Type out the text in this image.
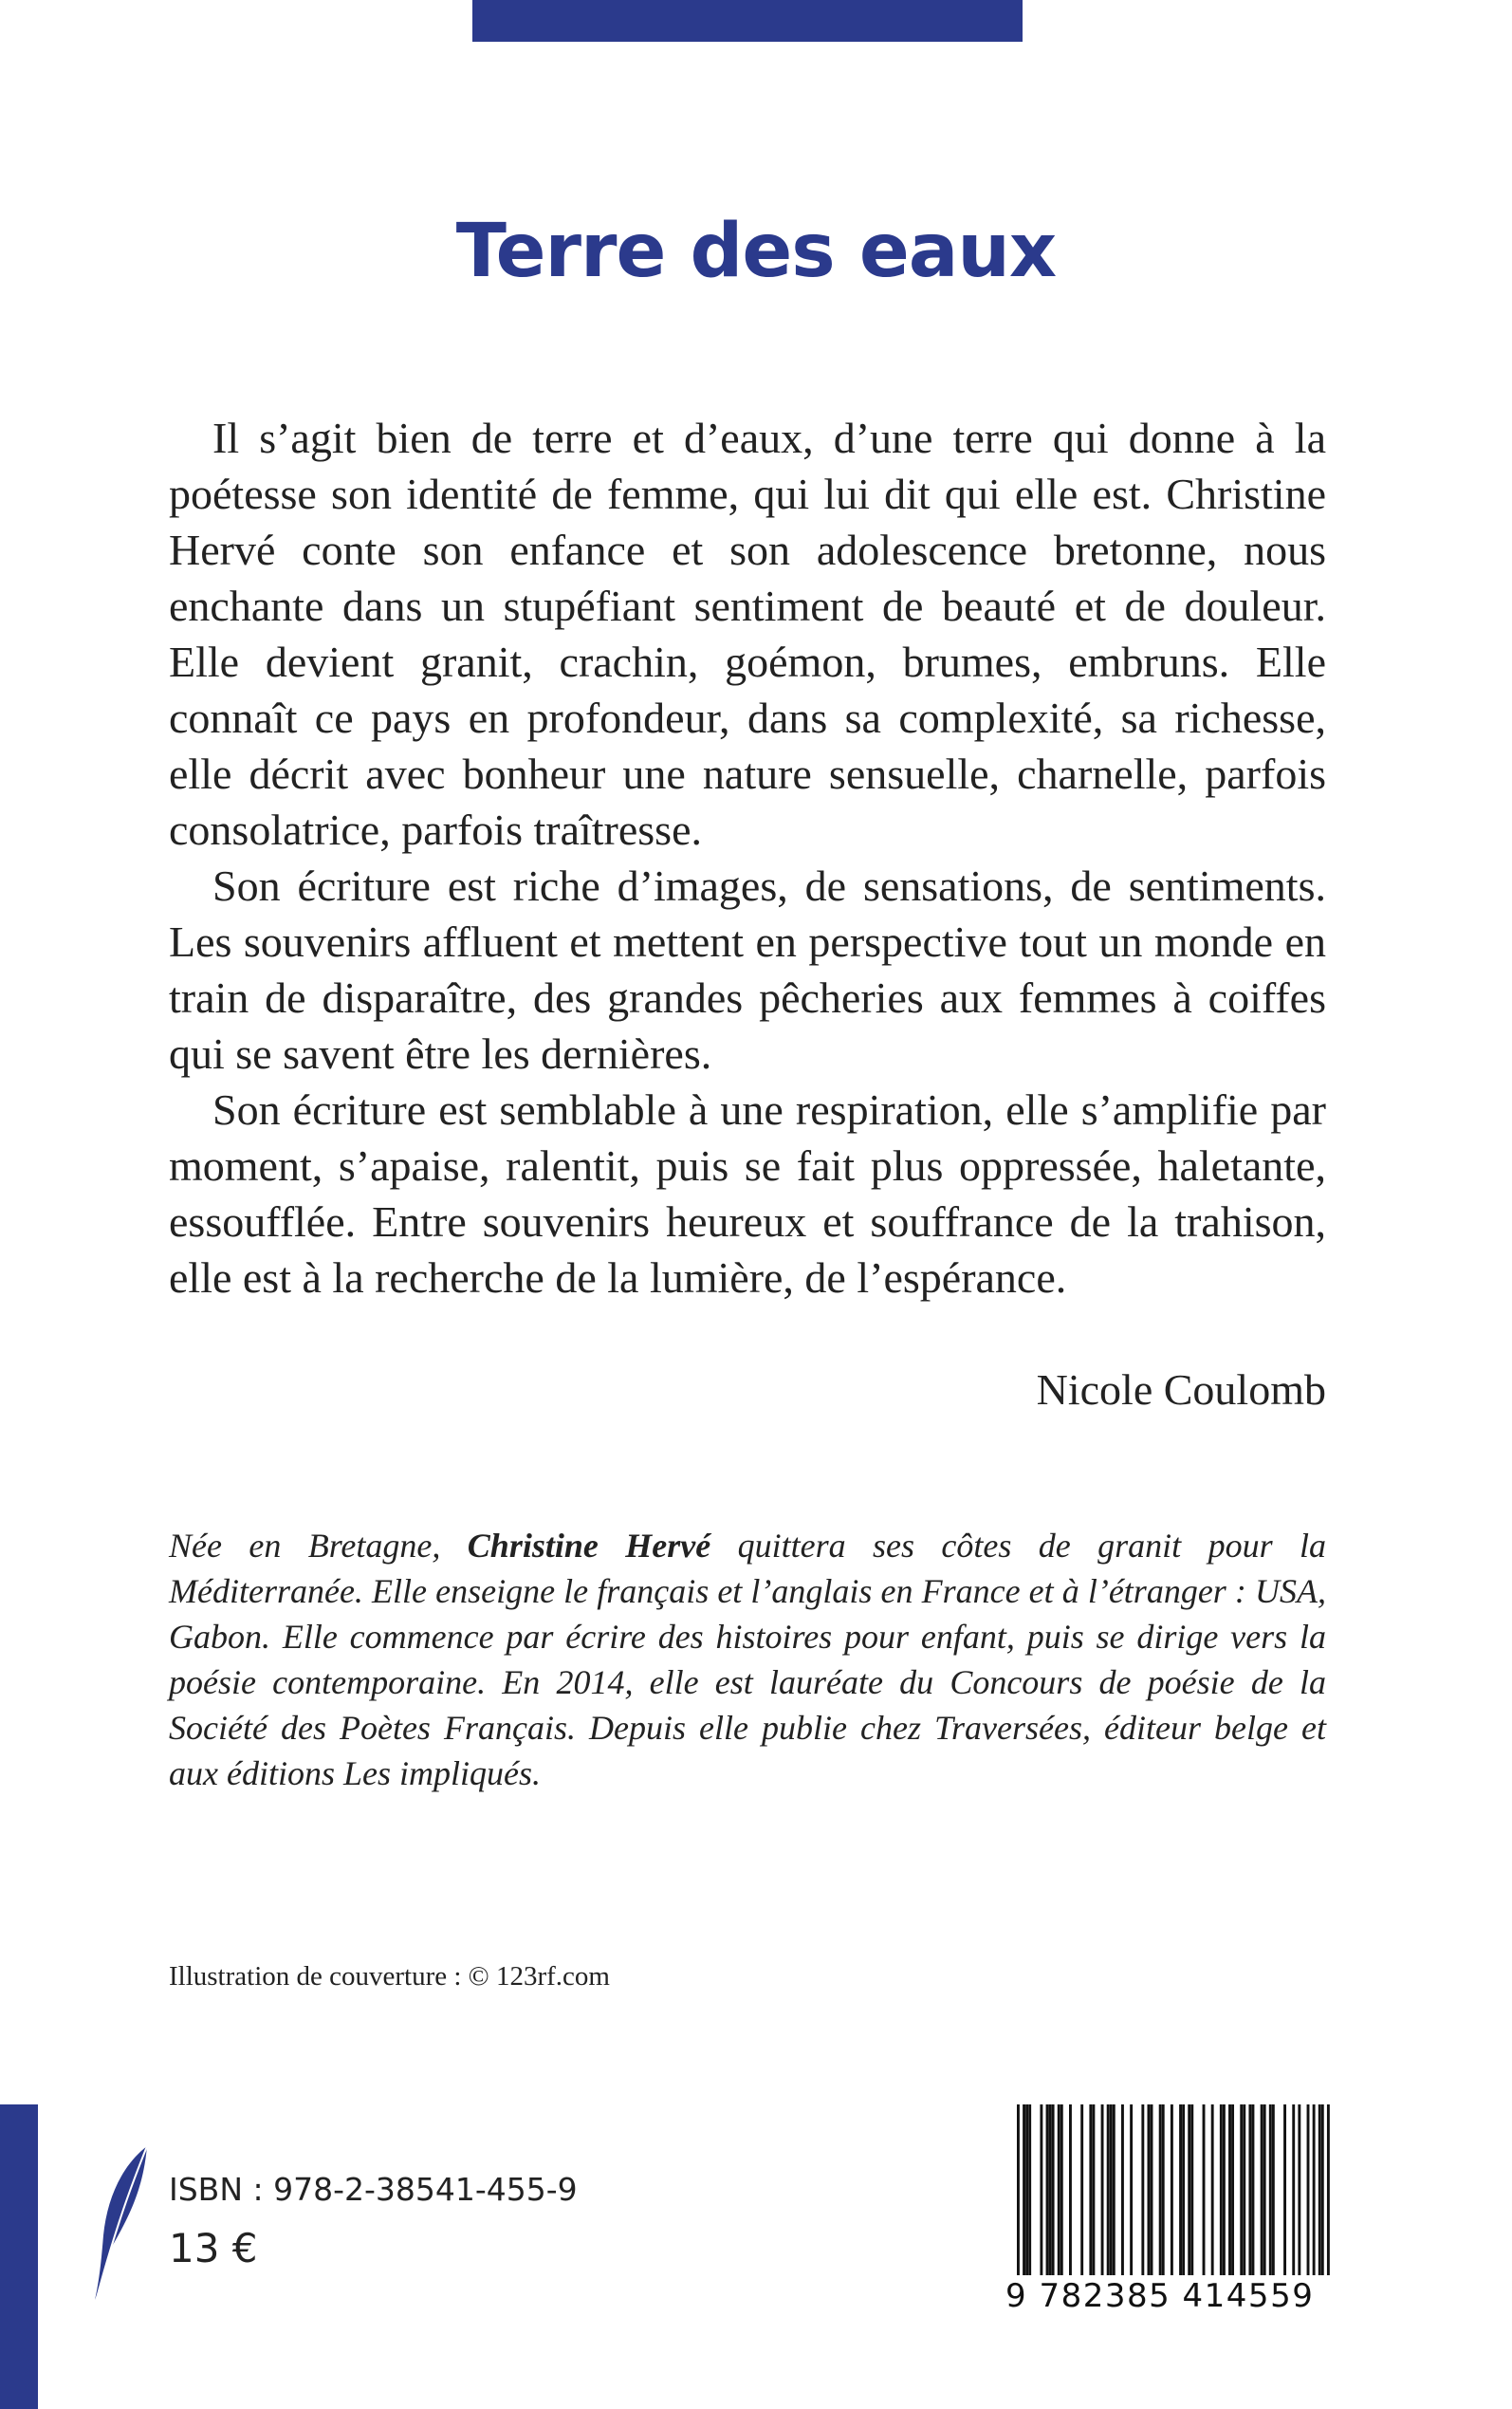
Terre des eaux

Il s’agit bien de terre et d’eaux, d’une terre qui donne à la poétesse son identité de femme, qui lui dit qui elle est. Christine Hervé conte son enfance et son adolescence bretonne, nous enchante dans un stupéfiant sentiment de beauté et de douleur. Elle devient granit, crachin, goémon, brumes, embruns. Elle connaît ce pays en profondeur, dans sa complexité, sa richesse, elle décrit avec bonheur une nature sensuelle, charnelle, parfois consolatrice, parfois traîtresse.

Son écriture est riche d’images, de sensations, de sentiments. Les souvenirs affluent et mettent en perspective tout un monde en train de disparaître, des grandes pêcheries aux femmes à coiffes qui se savent être les dernières.

Son écriture est semblable à une respiration, elle s’amplifie par moment, s’apaise, ralentit, puis se fait plus oppressée, haletante, essoufflée. Entre souvenirs heureux et souffrance de la trahison, elle est à la recherche de la lumière, de l’espérance.

Nicole Coulomb
Née en Bretagne, Christine Hervé quittera ses côtes de granit pour la Méditerranée. Elle enseigne le français et l’anglais en France et à l’étranger : USA, Gabon. Elle commence par écrire des histoires pour enfant, puis se dirige vers la poésie contemporaine. En 2014, elle est lauréate du Concours de poésie de la Société des Poètes Français. Depuis elle publie chez Traversées, éditeur belge et aux éditions Les impliqués.
Illustration de couverture : © 123rf.com
ISBN : 978-2-38541-455-9
13 €
9 782385 414559
